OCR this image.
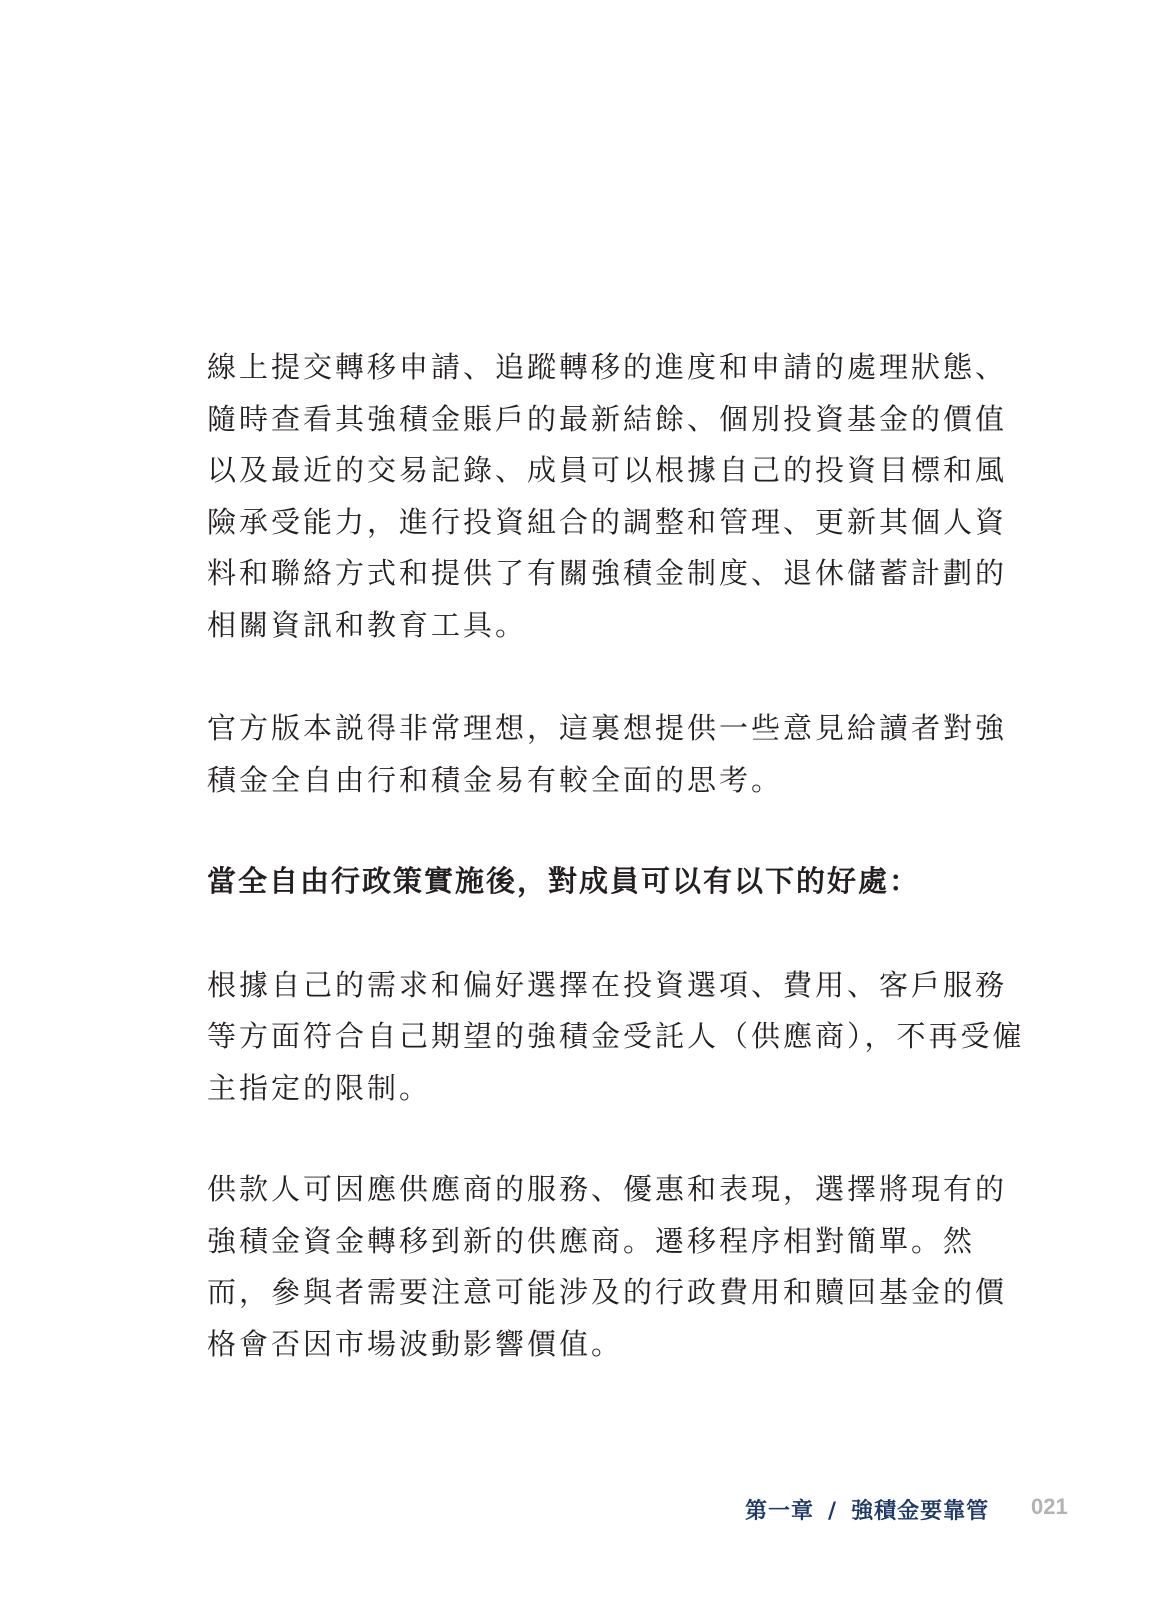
線上提交轉移申請、追蹤轉移的進度和申請的處理狀態、
隨時查看其強積金賬戶的最新結餘、個別投資基金的價值
以及最近的交易記錄、成員可以根據自己的投資目標和風
險承受能力，進行投資組合的調整和管理、更新其個人資
料和聯絡方式和提供了有關強積金制度、退休儲蓄計劃的
相關資訊和教育工具。

官方版本説得非常理想，這裏想提供一些意見給讀者對強
積金全自由行和積金易有較全面的思考。

當全自由行政策實施後，對成員可以有以下的好處：

根據自己的需求和偏好選擇在投資選項、費用、客戶服務
等方面符合自己期望的強積金受託人（供應商），不再受僱
主指定的限制。

供款人可因應供應商的服務、優惠和表現，選擇將現有的
強積金資金轉移到新的供應商。遷移程序相對簡單。然
而，參與者需要注意可能涉及的行政費用和贖回基金的價
格會否因市場波動影響價值。

第一章 / 強積金要靠管 021
